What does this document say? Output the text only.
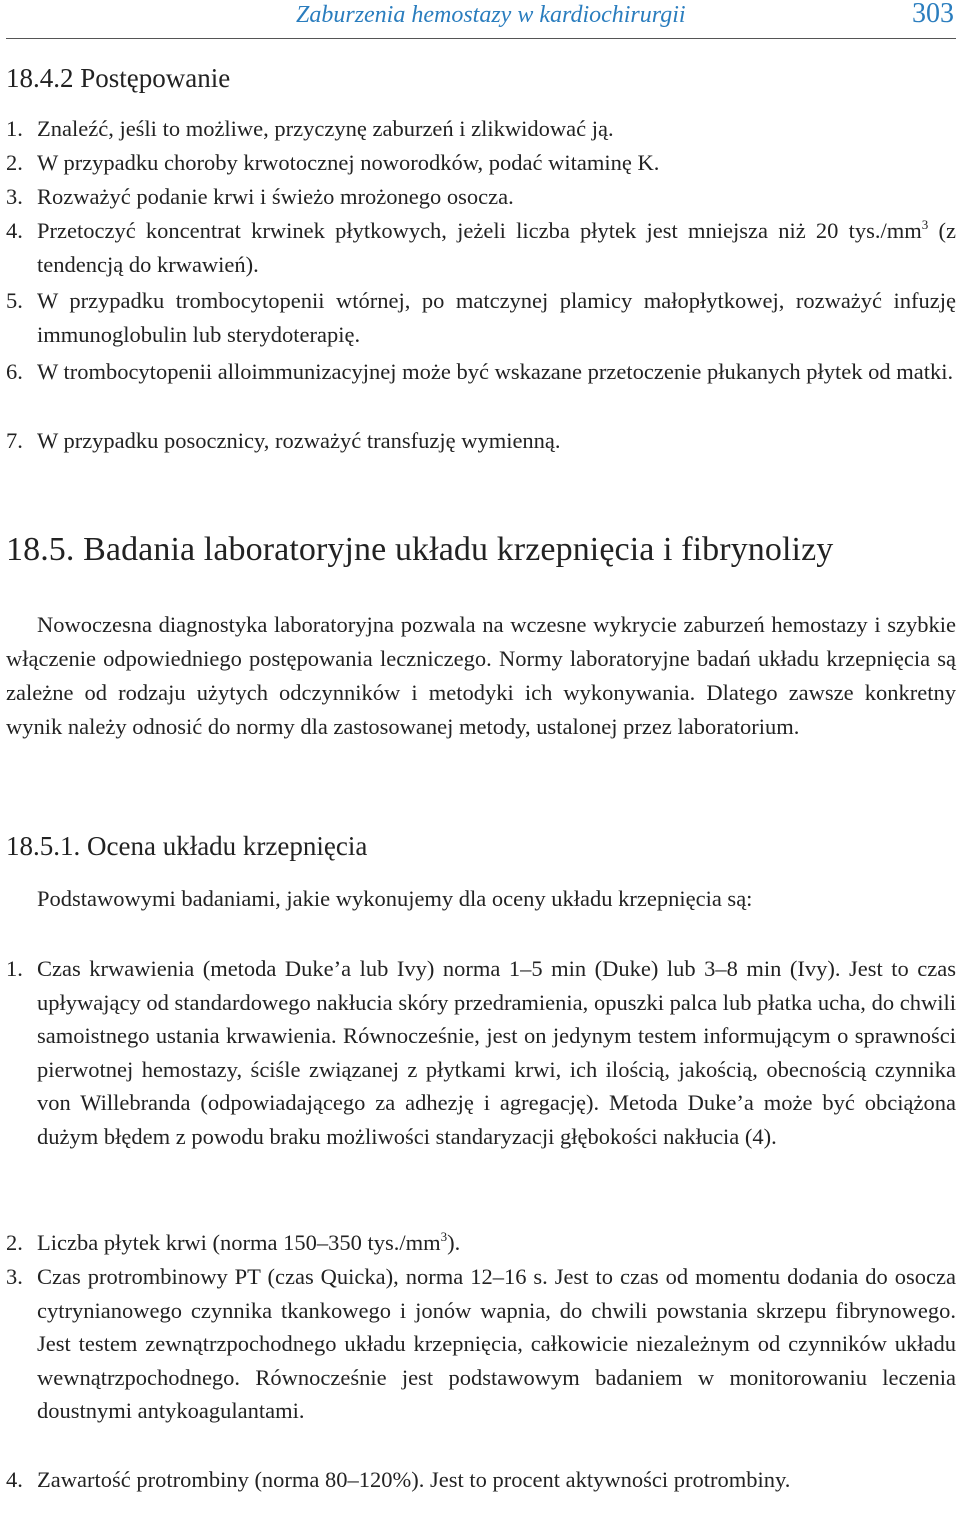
Zaburzenia hemostazy w kardiochirurgii	303
18.4.2 Postępowanie
1. Znaleźć, jeśli to możliwe, przyczynę zaburzeń i zlikwidować ją.
2. W przypadku choroby krwotocznej noworodków, podać witaminę K.
3. Rozważyć podanie krwi i świeżo mrożonego osocza.
4. Przetoczyć koncentrat krwinek płytkowych, jeżeli liczba płytek jest mniejsza niż 20 $tys./mm^3$ (z tendencją do krwawień).
5. W przypadku trombocytopenii wtórnej, po matczynej plamicy małopłytkowej, rozważyć infuzję immunoglobulin lub sterydoterapię.
6. W trombocytopenii alloimmunizacyjnej może być wskazane przetoczenie płukanych płytek od matki.
7. W przypadku posocznicy, rozważyć transfuzję wymienną.
18.5. Badania laboratoryjne układu krzepnięcia i fibrynolizy

Nowoczesna diagnostyka laboratoryjna pozwala na wczesne wykrycie zaburzeń hemostazy i szybkie włączenie odpowiedniego postępowania leczniczego. Normy laboratoryjne badań układu krzepnięcia są zależne od rodzaju użytych odczynników i metodyki ich wykonywania. Dlatego zawsze konkretny wynik należy odnosić do normy dla zastosowanej metody, ustalonej przez laboratorium.

18.5.1. Ocena układu krzepnięcia

Podstawowymi badaniami, jakie wykonujemy dla oceny układu krzepnięcia są:

1. Czas krwawienia (metoda Duke’a lub Ivy) norma 1–5 min (Duke) lub 3–8 min (Ivy). Jest to czas upływający od standardowego nakłucia skóry przedramienia, opuszki palca lub płatka ucha, do chwili samoistnego ustania krwawienia. Równocześnie, jest on jedynym testem informującym o sprawności pierwotnej hemostazy, ściśle związanej z płytkami krwi, ich ilością, jakością, obecnością czynnika von Willebranda (odpowiadającego za adhezję i agregację). Metoda Duke’a może być obciążona dużym błędem z powodu braku możliwości standaryzacji głębokości nakłucia (4).
2. Liczba płytek krwi (norma 150–350 $tys./mm^3$).
3. Czas protrombinowy PT (czas Quicka), norma 12–16 s. Jest to czas od momentu dodania do osocza cytrynianowego czynnika tkankowego i jonów wapnia, do chwili powstania skrzepu fibrynowego. Jest testem zewnątrzpochodnego układu krzepnięcia, całkowicie niezależnym od czynników układu wewnątrzpochodnego. Równocześnie jest podstawowym badaniem w monitorowaniu leczenia doustnymi antykoagulantami.
4. Zawartość protrombiny (norma 80–120%). Jest to procent aktywności protrombiny.
